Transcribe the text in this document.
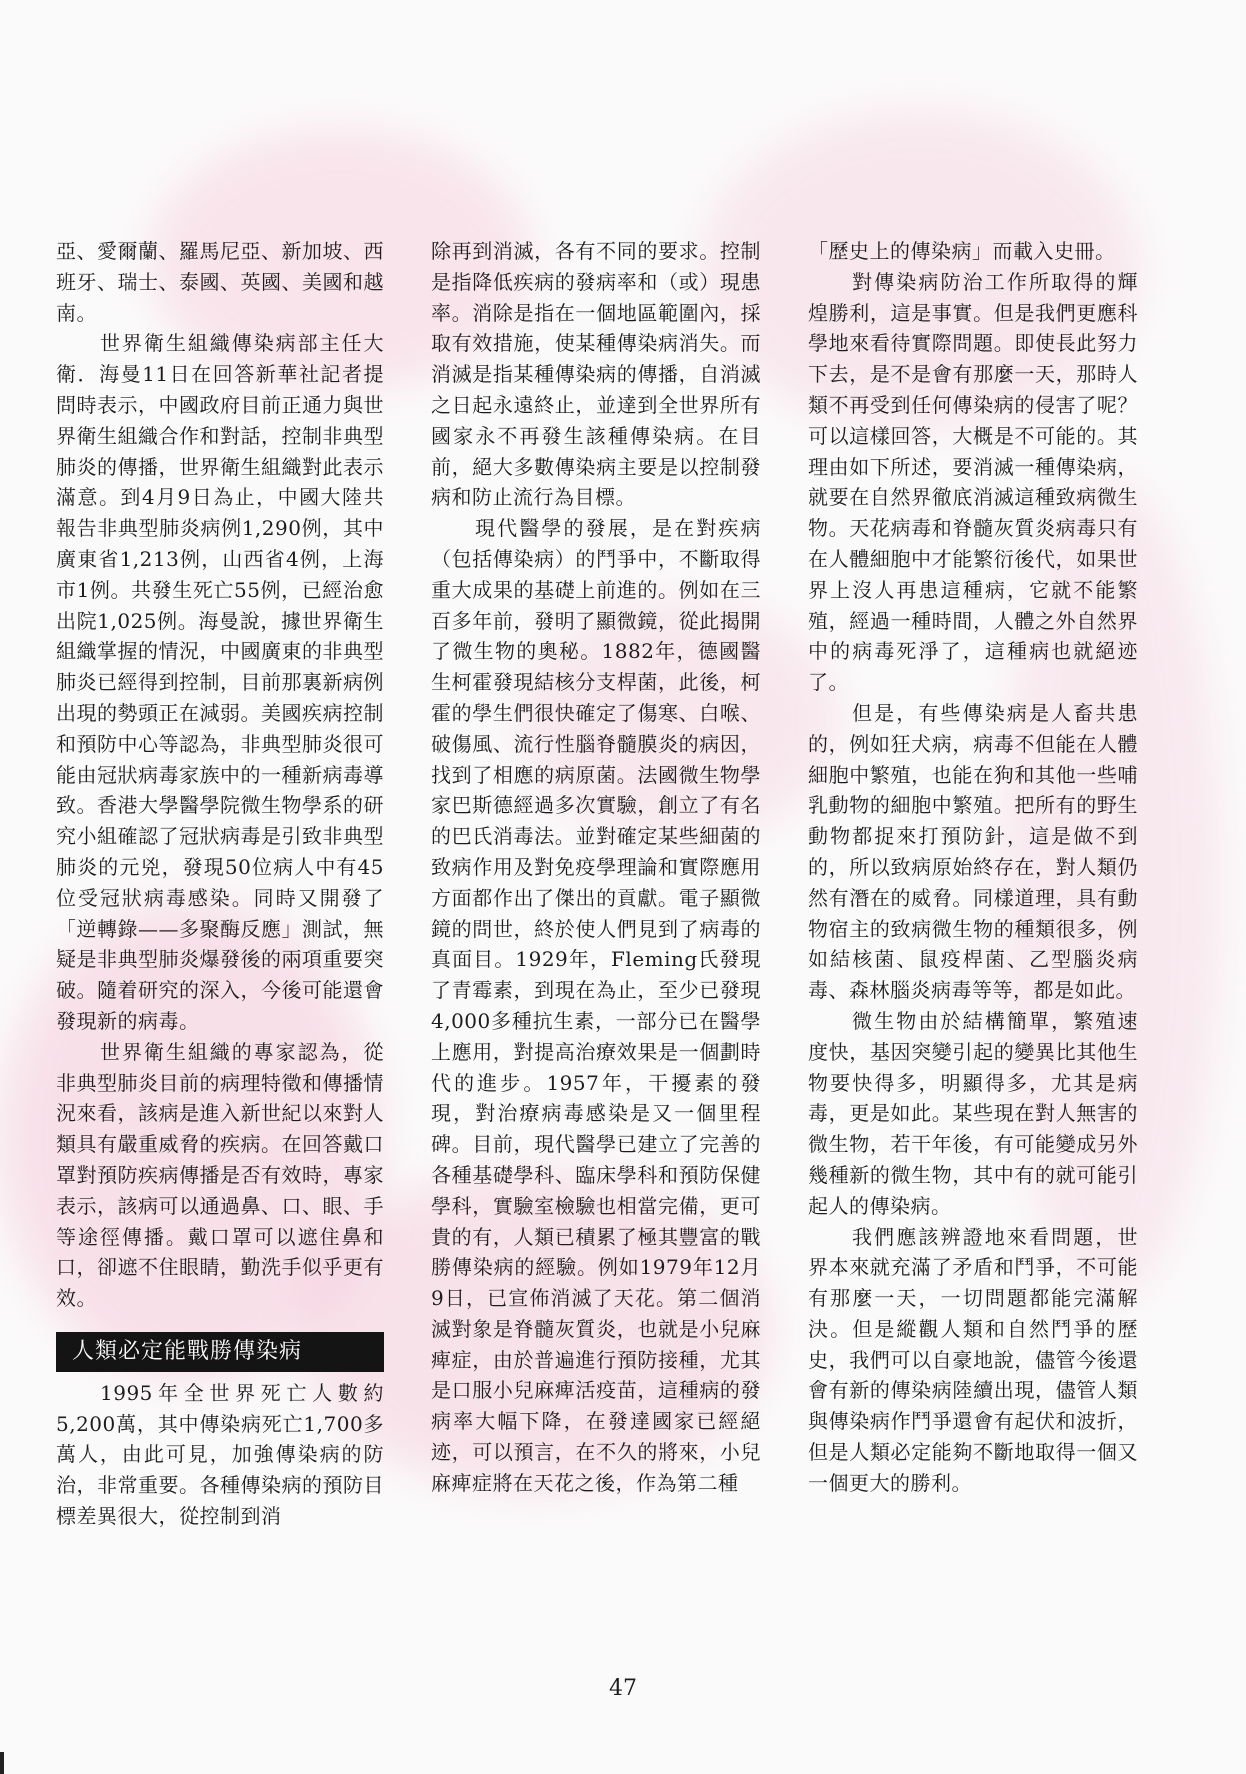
亞、愛爾蘭、羅馬尼亞、新加坡、西班牙、瑞士、泰國、英國、美國和越南。

世界衛生組織傳染病部主任大衛．海曼11日在回答新華社記者提問時表示，中國政府目前正通力與世界衛生組織合作和對話，控制非典型肺炎的傳播，世界衛生組織對此表示滿意。到4月9日為止，中國大陸共報告非典型肺炎病例1,290例，其中廣東省1,213例，山西省4例，上海市1例。共發生死亡55例，已經治愈出院1,025例。海曼說，據世界衛生組織掌握的情況，中國廣東的非典型肺炎已經得到控制，目前那裏新病例出現的勢頭正在減弱。美國疾病控制和預防中心等認為，非典型肺炎很可能由冠狀病毒家族中的一種新病毒導致。香港大學醫學院微生物學系的研究小組確認了冠狀病毒是引致非典型肺炎的元兇，發現50位病人中有45位受冠狀病毒感染。同時又開發了「逆轉錄——多聚酶反應」測試，無疑是非典型肺炎爆發後的兩項重要突破。隨着研究的深入，今後可能還會發現新的病毒。

世界衛生組織的專家認為，從非典型肺炎目前的病理特徵和傳播情況來看，該病是進入新世紀以來對人類具有嚴重威脅的疾病。在回答戴口罩對預防疾病傳播是否有效時，專家表示，該病可以通過鼻、口、眼、手等途徑傳播。戴口罩可以遮住鼻和口，卻遮不住眼睛，勤洗手似乎更有效。

人類必定能戰勝傳染病

1995年全世界死亡人數約5,200萬，其中傳染病死亡1,700多萬人，由此可見，加強傳染病的防治，非常重要。各種傳染病的預防目標差異很大，從控制到消

除再到消滅，各有不同的要求。控制是指降低疾病的發病率和（或）現患率。消除是指在一個地區範圍內，採取有效措施，使某種傳染病消失。而消滅是指某種傳染病的傳播，自消滅之日起永遠終止，並達到全世界所有國家永不再發生該種傳染病。在目前，絕大多數傳染病主要是以控制發病和防止流行為目標。

現代醫學的發展，是在對疾病（包括傳染病）的鬥爭中，不斷取得重大成果的基礎上前進的。例如在三百多年前，發明了顯微鏡，從此揭開了微生物的奧秘。1882年，德國醫生柯霍發現結核分支桿菌，此後，柯霍的學生們很快確定了傷寒、白喉、破傷風、流行性腦脊髓膜炎的病因，找到了相應的病原菌。法國微生物學家巴斯德經過多次實驗，創立了有名的巴氏消毒法。並對確定某些細菌的致病作用及對免疫學理論和實際應用方面都作出了傑出的貢獻。電子顯微鏡的問世，終於使人們見到了病毒的真面目。1929年，Fleming氏發現了青霉素，到現在為止，至少已發現4,000多種抗生素，一部分已在醫學上應用，對提高治療效果是一個劃時代的進步。1957年，干擾素的發現，對治療病毒感染是又一個里程碑。目前，現代醫學已建立了完善的各種基礎學科、臨床學科和預防保健學科，實驗室檢驗也相當完備，更可貴的有，人類已積累了極其豐富的戰勝傳染病的經驗。例如1979年12月9日，已宣佈消滅了天花。第二個消滅對象是脊髓灰質炎，也就是小兒麻痺症，由於普遍進行預防接種，尤其是口服小兒麻痺活疫苗，這種病的發病率大幅下降，在發達國家已經絕迹，可以預言，在不久的將來，小兒麻痺症將在天花之後，作為第二種

「歷史上的傳染病」而載入史冊。

對傳染病防治工作所取得的輝煌勝利，這是事實。但是我們更應科學地來看待實際問題。即使長此努力下去，是不是會有那麼一天，那時人類不再受到任何傳染病的侵害了呢？可以這樣回答，大概是不可能的。其理由如下所述，要消滅一種傳染病，就要在自然界徹底消滅這種致病微生物。天花病毒和脊髓灰質炎病毒只有在人體細胞中才能繁衍後代，如果世界上沒人再患這種病，它就不能繁殖，經過一種時間，人體之外自然界中的病毒死淨了，這種病也就絕迹了。

但是，有些傳染病是人畜共患的，例如狂犬病，病毒不但能在人體細胞中繁殖，也能在狗和其他一些哺乳動物的細胞中繁殖。把所有的野生動物都捉來打預防針，這是做不到的，所以致病原始終存在，對人類仍然有潛在的威脅。同樣道理，具有動物宿主的致病微生物的種類很多，例如結核菌、鼠疫桿菌、乙型腦炎病毒、森林腦炎病毒等等，都是如此。

微生物由於結構簡單，繁殖速度快，基因突變引起的變異比其他生物要快得多，明顯得多，尤其是病毒，更是如此。某些現在對人無害的微生物，若干年後，有可能變成另外幾種新的微生物，其中有的就可能引起人的傳染病。

我們應該辨證地來看問題，世界本來就充滿了矛盾和鬥爭，不可能有那麼一天，一切問題都能完滿解決。但是縱觀人類和自然鬥爭的歷史，我們可以自豪地說，儘管今後還會有新的傳染病陸續出現，儘管人類與傳染病作鬥爭還會有起伏和波折，但是人類必定能夠不斷地取得一個又一個更大的勝利。

47
